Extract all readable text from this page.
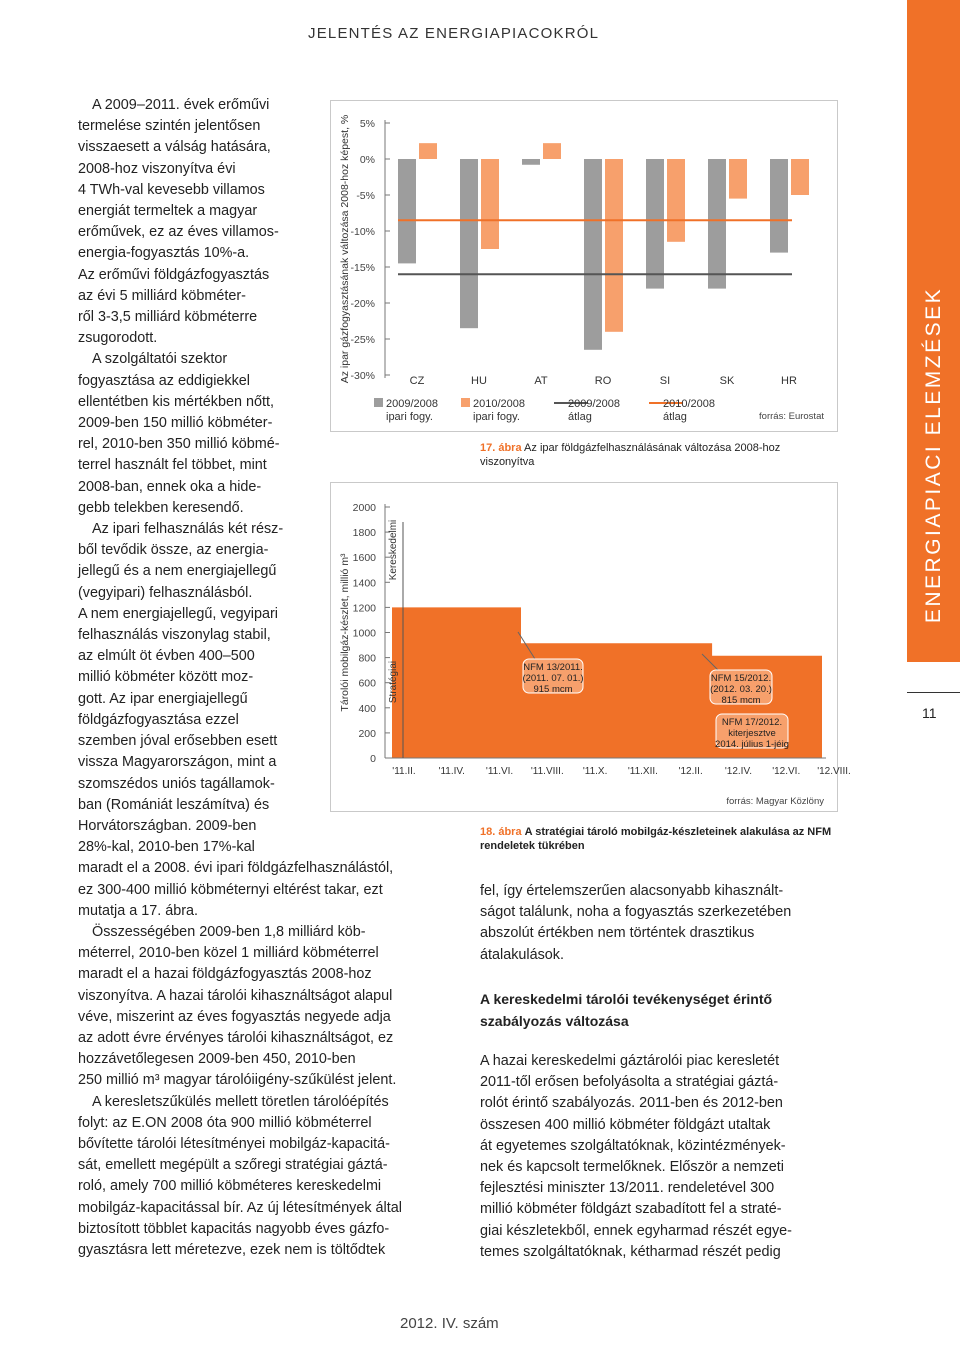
JELENTÉS AZ ENERGIAPIACOKRÓL
ENERGIAPIACI ELEMZÉSEK
11

A 2009–2011. évek erőművi

termelése szintén jelentősen

visszaesett a válság hatására,

2008-hoz viszonyítva évi

4 TWh-val kevesebb villamos

energiát termeltek a magyar

erőművek, ez az éves villamos-

energia-fogyasztás 10%-a.

Az erőművi földgázfogyasztás

az évi 5 milliárd köbméter-

ről 3-3,5 milliárd köbméterre

zsugorodott.

A szolgáltatói szektor

fogyasztása az eddigiekkel

ellentétben kis mértékben nőtt,

2009-ben 150 millió köbméter-

rel, 2010-ben 350 millió köbmé-

terrel használt fel többet, mint

2008-ban, ennek oka a hide-

gebb telekben keresendő.

Az ipari felhasználás két rész-

ből tevődik össze, az energia-

jellegű és a nem energiajellegű

(vegyipari) felhasználásból.

A nem energiajellegű, vegyipari

felhasználás viszonylag stabil,

az elmúlt öt évben 400–500

millió köbméter között moz-

gott. Az ipar energiajellegű

földgázfogyasztása ezzel

szemben jóval erősebben esett

vissza Magyarországon, mint a

szomszédos uniós tagállamok-

ban (Romániát leszámítva) és

Horvátországban. 2009-ben

28%-kal, 2010-ben 17%-kal

maradt el a 2008. évi ipari földgázfelhasználástól,

ez 300-400 millió köbméternyi eltérést takar, ezt

mutatja a 17. ábra.

Összességében 2009-ben 1,8 milliárd köb-

méterrel, 2010-ben közel 1 milliárd köbméterrel

maradt el a hazai földgázfogyasztás 2008-hoz

viszonyítva. A hazai tárolói kihasználtságot alapul

véve, miszerint az éves fogyasztás negyede adja

az adott évre érvényes tárolói kihasználtságot, ez

hozzávetőlegesen 2009-ben 450, 2010-ben

250 millió m³ magyar tárolóiigény-szűkülést jelent.

A keresletszűkülés mellett töretlen tárolóépítés

folyt: az E.ON 2008 óta 900 millió köbméterrel

bővítette tárolói létesítményei mobilgáz-kapacitá-

sát, emellett megépült a szőregi stratégiai gáztá-

roló, amely 700 millió köbméteres kereskedelmi

mobilgáz-kapacitással bír. Az új létesítmények által

biztosított többlet kapacitás nagyobb éves gázfo-

gyasztásra lett méretezve, ezek nem is töltődtek

Az ipar gázfogyasztásának változása 2008-hoz képest, % 5%
0%
-5%
-10%
-15%
-20%
-25%
-30%	CZ	HU	AT	RO	SI	SK	HR
2009/2008
ipari fogy.
2010/2008
ipari fogy.
2009/2008
átlag
2010/2008
átlag	forrás: Eurostat
17. ábra Az ipar földgázfelhasználásának változása 2008-hoz viszonyítva
Tárolói mobilgáz-készlet, millió m³
0
200
400
600
800
1000
1200
1400
1600
1800
2000
Kereskedelmi
Stratégiai
'11.II. '11.IV. '11.VI. '11.VIII. '11.X. '11.XII. '12.II. '12.IV. '12.VI. '12.VIII.
ESZ, kapcsoltak számára átadott
NFM 13/2011.
(2011. 07. 01.)
915 mcm
NFM 15/2012.
(2012. 03. 20.)
815 mcm
NFM 17/2012.
kiterjesztve
2014. július 1-jéig
forrás: Magyar Közlöny
18. ábra A stratégiai tároló mobilgáz-készleteinek alakulása az NFM rendeletek tükrében

fel, így értelemszerűen alacsonyabb kihasznált-

ságot találunk, noha a fogyasztás szerkezetében

abszolút értékben nem történtek drasztikus

átalakulások.

A kereskedelmi tárolói tevékenységet érintő szabályozás változása

A hazai kereskedelmi gáztárolói piac keresletét

2011-től erősen befolyásolta a stratégiai gáztá-

rolót érintő szabályozás. 2011-ben és 2012-ben

összesen 400 millió köbméter földgázt utaltak

át egyetemes szolgáltatóknak, közintézmények-

nek és kapcsolt termelőknek. Először a nemzeti

fejlesztési miniszter 13/2011. rendeletével 300

millió köbméter földgázt szabadított fel a straté-

giai készletekből, ennek egyharmad részét egye-

temes szolgáltatóknak, kétharmad részét pedig

2012. IV. szám
